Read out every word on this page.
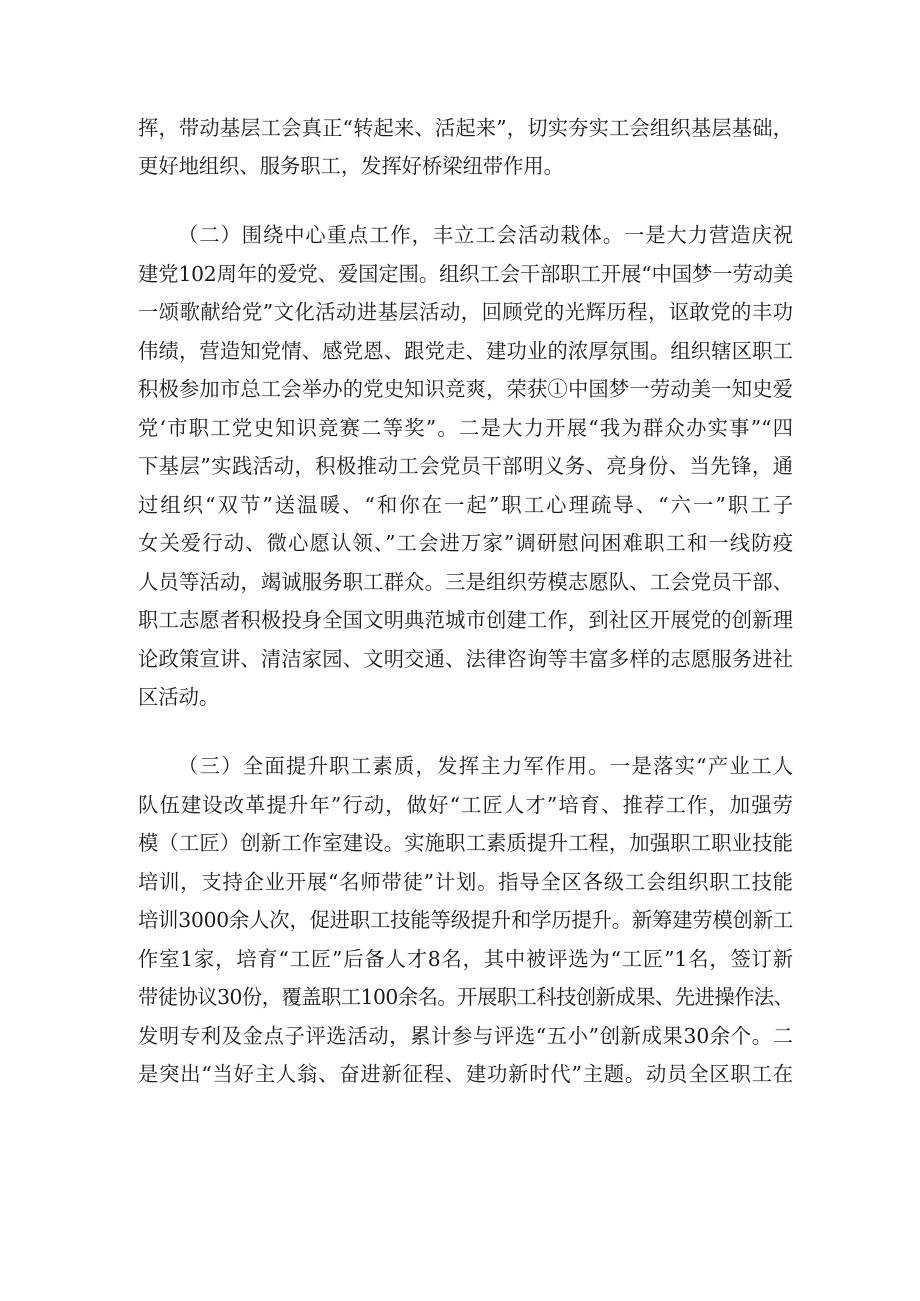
挥，带动基层工会真正“转起来、活起来”，切实夯实工会组织基层基础，
更好地组织、服务职工，发挥好桥梁纽带作用。
（二）围绕中心重点工作，丰立工会活动栽体。一是大力营造庆祝
建党102周年的爱党、爱国定围。组织工会干部职工开展“中国梦一劳动美
一颂歌献给党”文化活动进基层活动，回顾党的光辉历程，讴敢党的丰功
伟绩，营造知党情、感党恩、跟党走、建功业的浓厚氛围。组织辖区职工
积极参加市总工会举办的党史知识竞爽，荣获①中国梦一劳动美一知史爱
党‘市职工党史知识竞赛二等奖”。二是大力开展“我为群众办实事”“四
下基层”实践活动，积极推动工会党员干部明义务、亮身份、当先锋，通
过组织“双节”送温暖、“和你在一起”职工心理疏导、“六一”职工子
女关爱行动、微心愿认领、”工会进万家”调研慰问困难职工和一线防疫
人员等活动，竭诚服务职工群众。三是组织劳模志愿队、工会党员干部、
职工志愿者积极投身全国文明典范城市创建工作，到社区开展党的创新理
论政策宣讲、清洁家园、文明交通、法律咨询等丰富多样的志愿服务进社
区活动。
（三）全面提升职工素质，发挥主力军作用。一是落实“产业工人
队伍建设改革提升年”行动，做好“工匠人才”培育、推荐工作，加强劳
模（工匠）创新工作室建设。实施职工素质提升工程，加强职工职业技能
培训，支持企业开展“名师带徒”计划。指导全区各级工会组织职工技能
培训3000余人次，促进职工技能等级提升和学历提升。新筹建劳模创新工
作室1家，培育“工匠”后备人才8名，其中被评选为“工匠”1名，签订新
带徒协议30份，覆盖职工100余名。开展职工科技创新成果、先进操作法、
发明专利及金点子评选活动，累计参与评选“五小”创新成果30余个。二
是突出“当好主人翁、奋进新征程、建功新时代”主题。动员全区职工在
